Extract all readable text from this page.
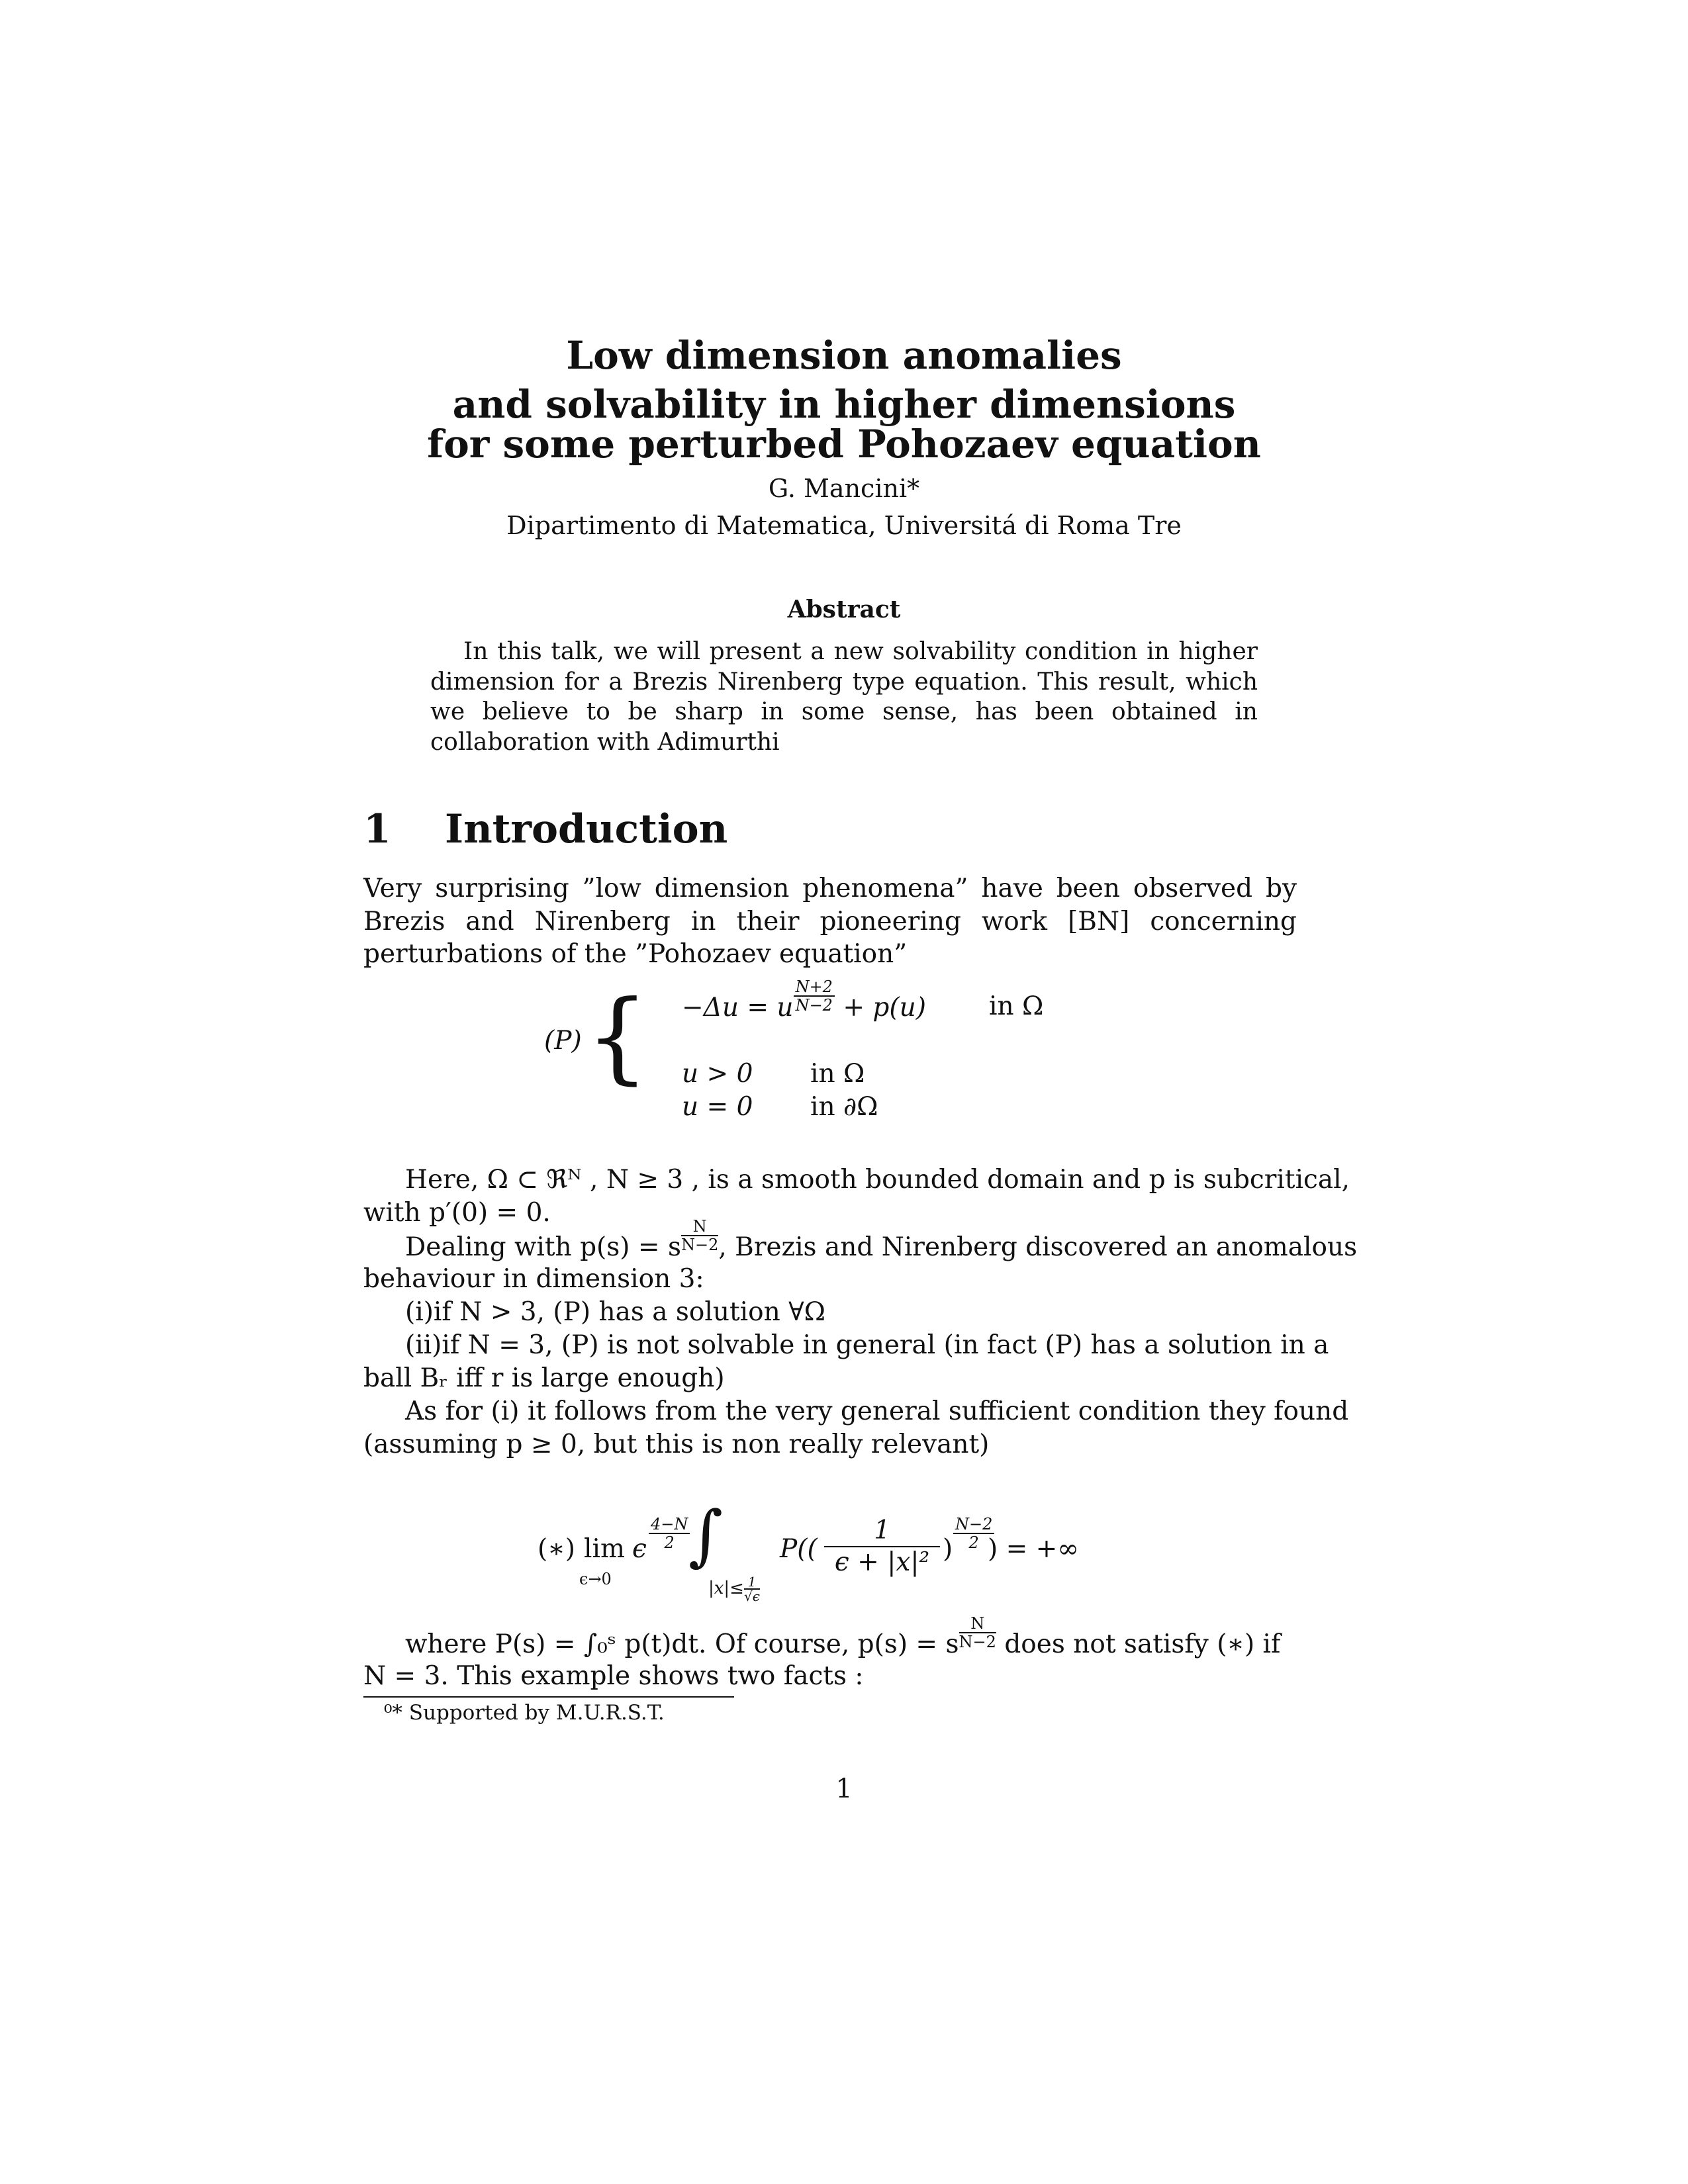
Low dimension anomalies
and solvability in higher dimensions
for some perturbed Pohozaev equation
G. Mancini*
Dipartimento di Matematica, Universitá di Roma Tre
Abstract
In this talk, we will present a new solvability condition in higher dimension for a Brezis Nirenberg type equation. This result, which we believe to be sharp in some sense, has been obtained in collaboration with Adimurthi
1 Introduction
Very surprising ”low dimension phenomena” have been observed by Brezis and Nirenberg in their pioneering work [BN] concerning perturbations of the ”Pohozaev equation”
(P) { −Δu = u $\frac{N+2}{N-2} + p(u)$ in Ω
u > 0 in Ω
u = 0 in ∂Ω
Here, Ω ⊂ ℜᴺ , N ≥ 3 , is a smooth bounded domain and p is subcritical,
with p′(0) = 0.
Dealing with p(s) = s $\frac{N}{N-2}$ , Brezis and Nirenberg discovered an anomalous
behaviour in dimension 3:
(i)if N > 3, (P) has a solution ∀Ω
(ii)if N = 3, (P) is not solvable in general (in fact (P) has a solution in a
ball Bᵣ iff r is large enough)
As for (i) it follows from the very general sufficient condition they found
(assuming p ≥ 0, but this is non really relevant)
(∗) lim
ϵ→0
ϵ $\frac{4-N}{2}$
∫
$|x|\le \frac{1}{√\epsilon}$
P((
1
ϵ + |x|² ) $\frac{N-2}{2}$
) = +∞
where P(s) = ∫₀ˢ p(t)dt. Of course, p(s) = s $\frac{N}{N-2}$ does not satisfy (∗) if
N = 3. This example shows two facts :
⁰* Supported by M.U.R.S.T.
1
